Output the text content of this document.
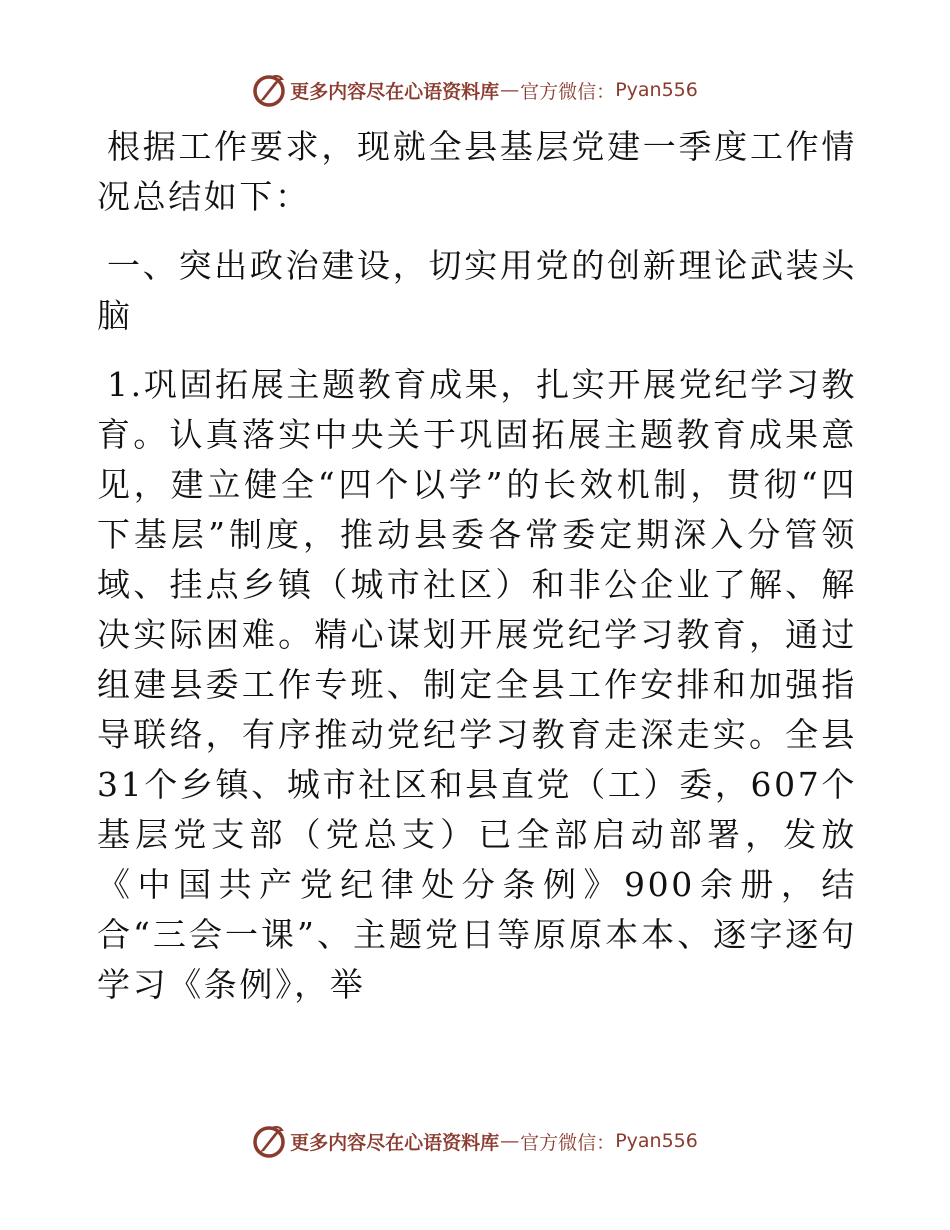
更多内容尽在心语资料库 — 官方微信： Pyan556

根据工作要求，现就全县基层党建一季度工作情况总结如下：

一、突出政治建设，切实用党的创新理论武装头脑

1.巩固拓展主题教育成果，扎实开展党纪学习教育。认真落实中央关于巩固拓展主题教育成果意见，建立健全“四个以学”的长效机制，贯彻“四下基层”制度，推动县委各常委定期深入分管领域、挂点乡镇（城市社区）和非公企业了解、解决实际困难。精心谋划开展党纪学习教育，通过组建县委工作专班、制定全县工作安排和加强指导联络，有序推动党纪学习教育走深走实。全县31个乡镇、城市社区和县直党（工）委，607个基层党支部（党总支）已全部启动部署，发放《中国共产党纪律处分条例》900余册，结合“三会一课”、主题党日等原原本本、逐字逐句学习《条例》，举

更多内容尽在心语资料库 — 官方微信： Pyan556
